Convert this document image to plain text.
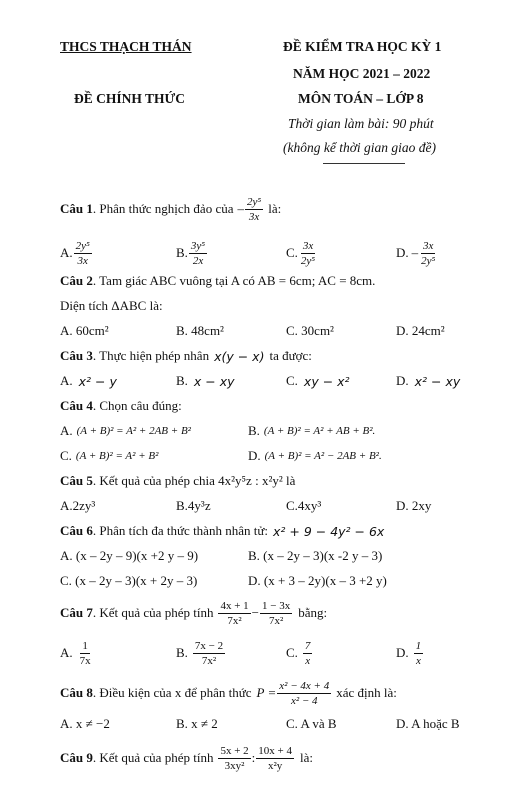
THCS THẠCH THÁN	ĐỀ KIỂM TRA HỌC KỲ 1
NĂM HỌC 2021 – 2022
ĐỀ CHÍNH THỨC	MÔN TOÁN – LỚP 8
Thời gian làm bài: 90 phút
(không kể thời gian giao đề)
Câu 1 . Phân thức nghịch đảo của – $\frac{\text{2y⁵}}{3x}$ là:
A. $\frac{\text{2y⁵}}{3x}$	B. $\frac{\text{3y⁵}}{2x}$	C. $\frac{3x}{\text{2y⁵}}$	D. – $\frac{3x}{\text{2y⁵}}$
Câu 2 . Tam giác ABC vuông tại A có AB = 6cm; AC = 8cm.
Diện tích ΔABC là:
A. 60cm²	B. 48cm²	C. 30cm²	D. 24cm²
Câu 3 . Thực hiện phép nhân x(y − x) ta được:
A. x² − y	B. x − xy	C. xy − x²	D. x² − xy
Câu 4 . Chọn câu đúng:
A. (A + B)² = A² + 2AB + B²	B. (A + B)² = A² + AB + B².
C. (A + B)² = A² + B²	D. (A + B)² = A² − 2AB + B².
Câu 5 . Kết quả của phép chia 4x²y⁵z : x²y² là
A.2zy³	B.4y³z	C.4xy³	D. 2xy
Câu 6 . Phân tích đa thức thành nhân tử: x² + 9 − 4y² − 6x
A. (x – 2y – 9)(x +2 y – 9)	B. (x – 2y – 3)(x -2 y – 3)
C. (x – 2y – 3)(x + 2y – 3)	D. (x + 3 – 2y)(x – 3 +2 y)
Câu 7 . Kết quả của phép tính $\frac{4x + 1}{\text{7x²}} - \frac{1 - 3x}{\text{7x²}}$ bằng:
A. $\frac{1}{7x}$	B. $\frac{7x - 2}{\text{7x²}}$	C. $\frac{7}{x}$	D. $\frac{1}{x}$
Câu 8 . Điều kiện của x để phân thức $P = \frac{\text{x² − 4x + 4}}{\text{x² − 4}}$ xác định là:
A. x ≠ −2	B. x ≠ 2	C. A và B	D. A hoặc B
Câu 9 . Kết quả của phép tính $\frac{5x + 2}{\text{3xy²}}$ : $\frac{10x + 4}{\text{x²y}}$ là:
